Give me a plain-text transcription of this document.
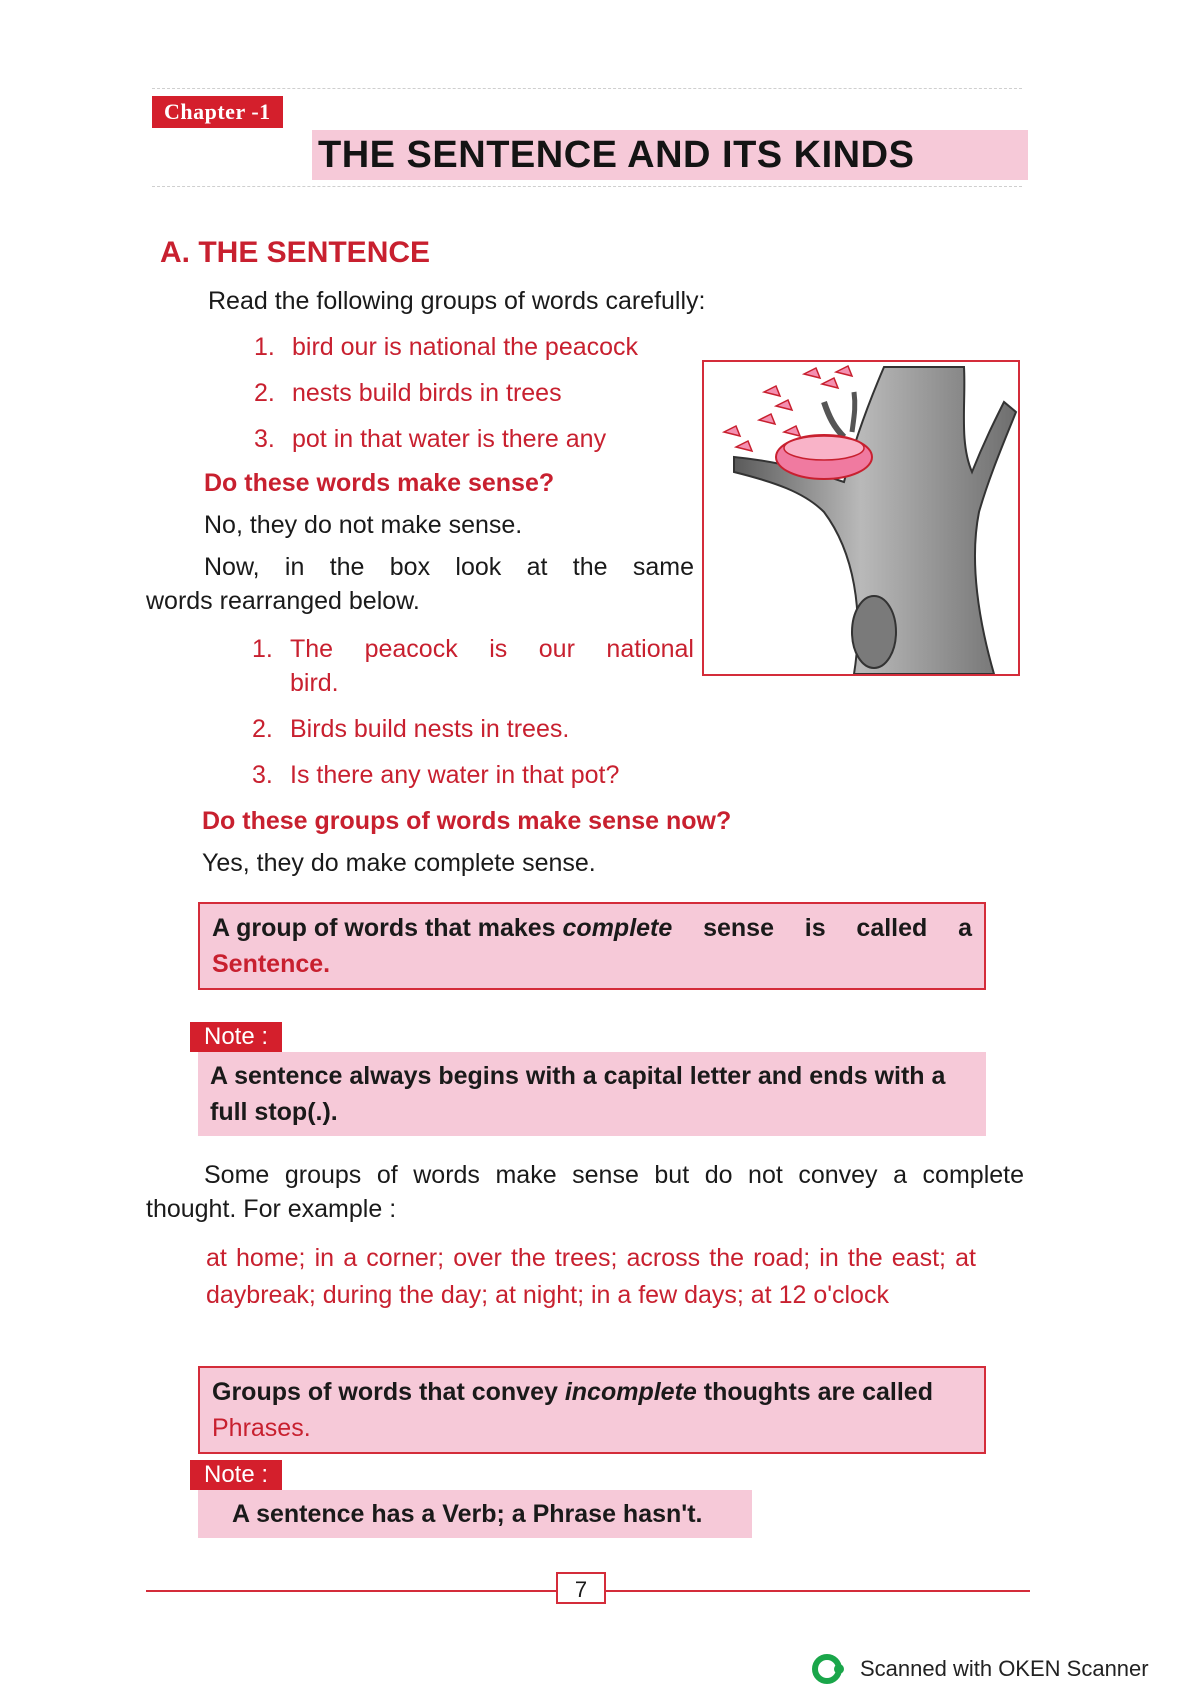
Chapter -1
THE SENTENCE AND ITS KINDS
A. THE SENTENCE
Read the following groups of words carefully:
1. bird our is national the peacock
2. nests build birds in trees
3. pot in that water is there any
Do these words make sense?
No, they do not make sense.
Now, in the box look at the same
words rearranged below.
1. The peacock is our national
bird.
2. Birds build nests in trees.
3. Is there any water in that pot?
Do these groups of words make sense now?
Yes, they do make complete sense.
A group of words that makes complete sense is called a
Sentence.
Note :
A sentence always begins with a capital letter and ends with a full stop(.).
Some groups of words make sense but do not convey a complete
thought. For example :
at home; in a corner; over the trees; across the road; in the east; at daybreak; during the day; at night; in a few days; at 12 o'clock
Groups of words that convey incomplete thoughts are called
Phrases.
Note :
A sentence has a Verb; a Phrase hasn't.
7
Scanned with OKEN Scanner
